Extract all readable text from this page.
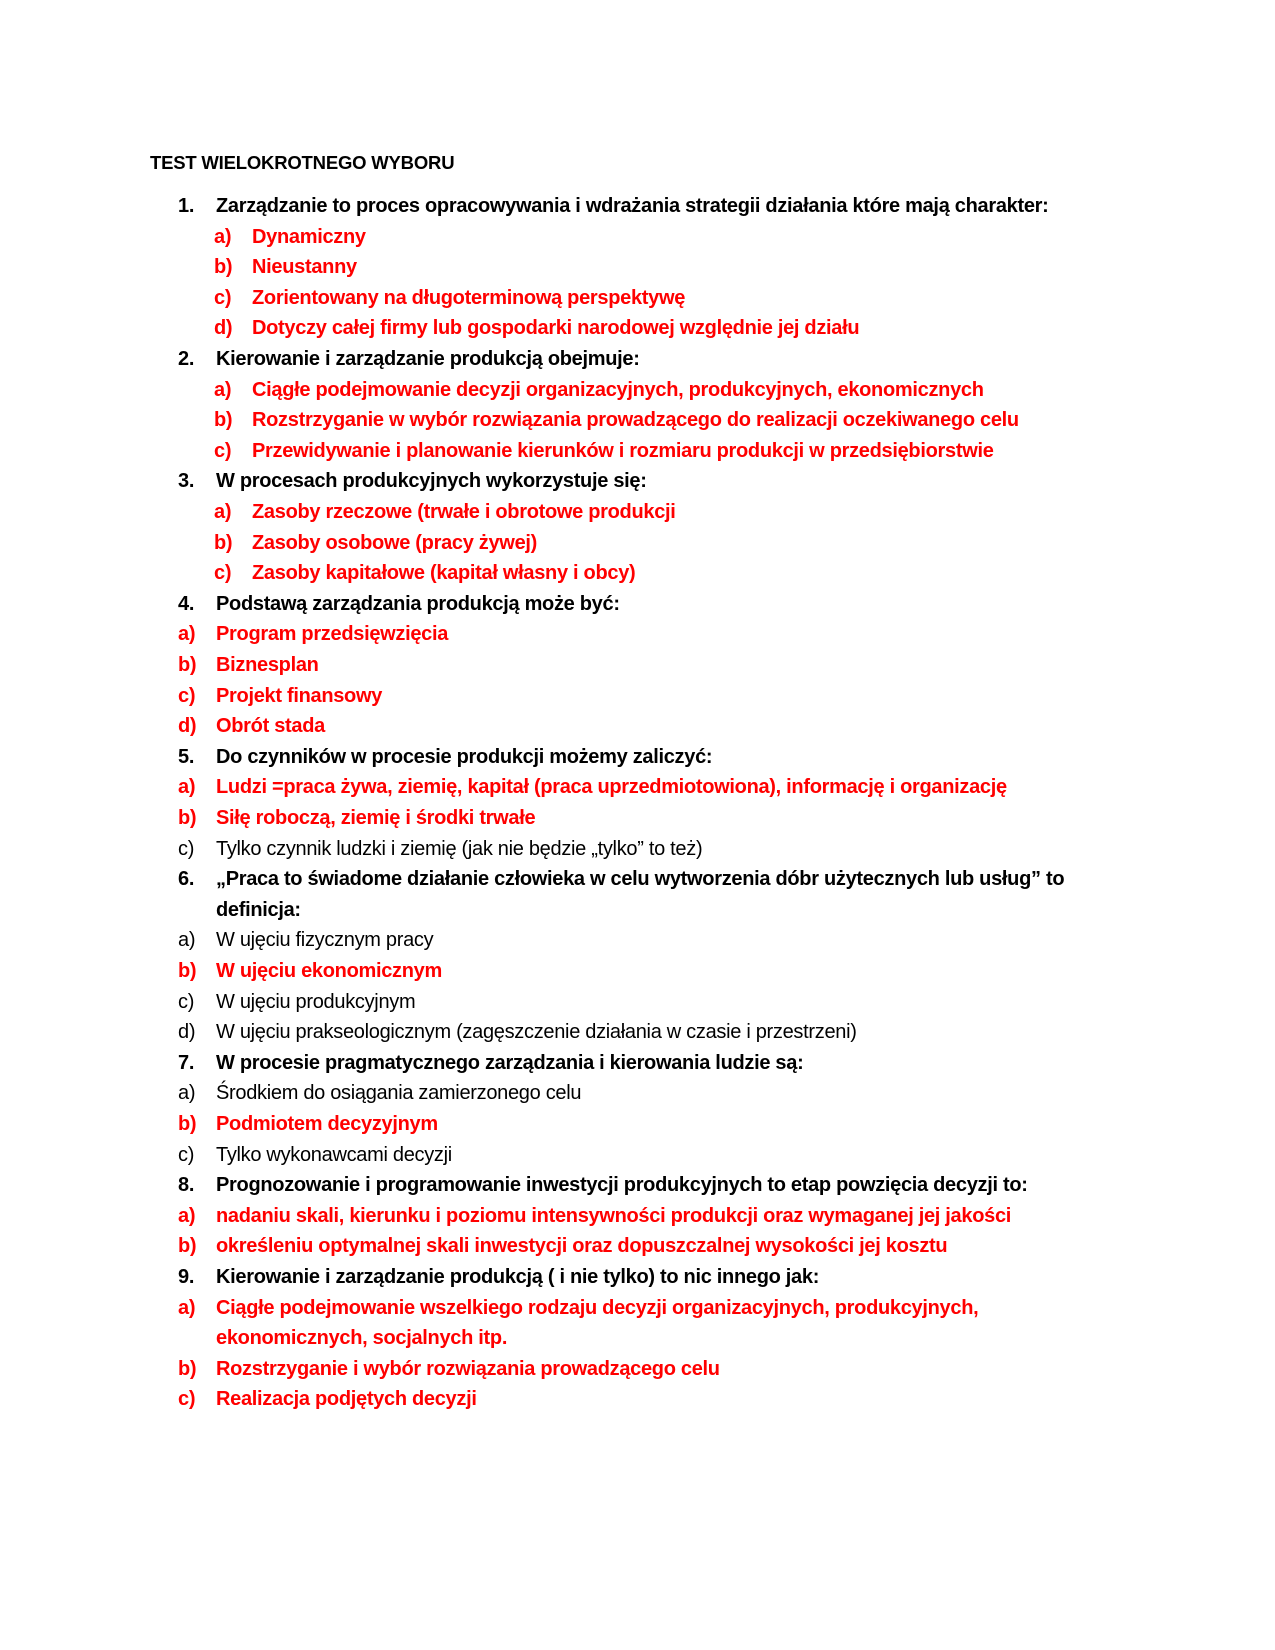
TEST WIELOKROTNEGO WYBORU
1. Zarządzanie to proces opracowywania i wdrażania strategii działania które mają charakter:
a) Dynamiczny
b) Nieustanny
c) Zorientowany na długoterminową perspektywę
d) Dotyczy całej firmy lub gospodarki narodowej względnie jej działu
2. Kierowanie i zarządzanie produkcją obejmuje:
a) Ciągłe podejmowanie decyzji organizacyjnych, produkcyjnych, ekonomicznych
b) Rozstrzyganie w wybór rozwiązania prowadzącego do realizacji oczekiwanego celu
c) Przewidywanie i planowanie kierunków i rozmiaru produkcji w przedsiębiorstwie
3. W procesach produkcyjnych wykorzystuje się:
a) Zasoby rzeczowe (trwałe i obrotowe produkcji
b) Zasoby osobowe (pracy żywej)
c) Zasoby kapitałowe (kapitał własny i obcy)
4. Podstawą zarządzania produkcją może być:
a) Program przedsięwzięcia
b) Biznesplan
c) Projekt finansowy
d) Obrót stada
5. Do czynników w procesie produkcji możemy zaliczyć:
a) Ludzi =praca żywa, ziemię, kapitał (praca uprzedmiotowiona), informację i organizację
b) Siłę roboczą, ziemię i środki trwałe
c) Tylko czynnik ludzki i ziemię (jak nie będzie „tylko” to też)
6. „Praca to świadome działanie człowieka w celu wytworzenia dóbr użytecznych lub usług” to
definicja:
a) W ujęciu fizycznym pracy
b) W ujęciu ekonomicznym
c) W ujęciu produkcyjnym
d) W ujęciu prakseologicznym (zagęszczenie działania w czasie i przestrzeni)
7. W procesie pragmatycznego zarządzania i kierowania ludzie są:
a) Środkiem do osiągania zamierzonego celu
b) Podmiotem decyzyjnym
c) Tylko wykonawcami decyzji
8. Prognozowanie i programowanie inwestycji produkcyjnych to etap powzięcia decyzji to:
a) nadaniu skali, kierunku i poziomu intensywności produkcji oraz wymaganej jej jakości
b) określeniu optymalnej skali inwestycji oraz dopuszczalnej wysokości jej kosztu
9. Kierowanie i zarządzanie produkcją ( i nie tylko) to nic innego jak:
a) Ciągłe podejmowanie wszelkiego rodzaju decyzji organizacyjnych, produkcyjnych,
ekonomicznych, socjalnych itp.
b) Rozstrzyganie i wybór rozwiązania prowadzącego celu
c) Realizacja podjętych decyzji
